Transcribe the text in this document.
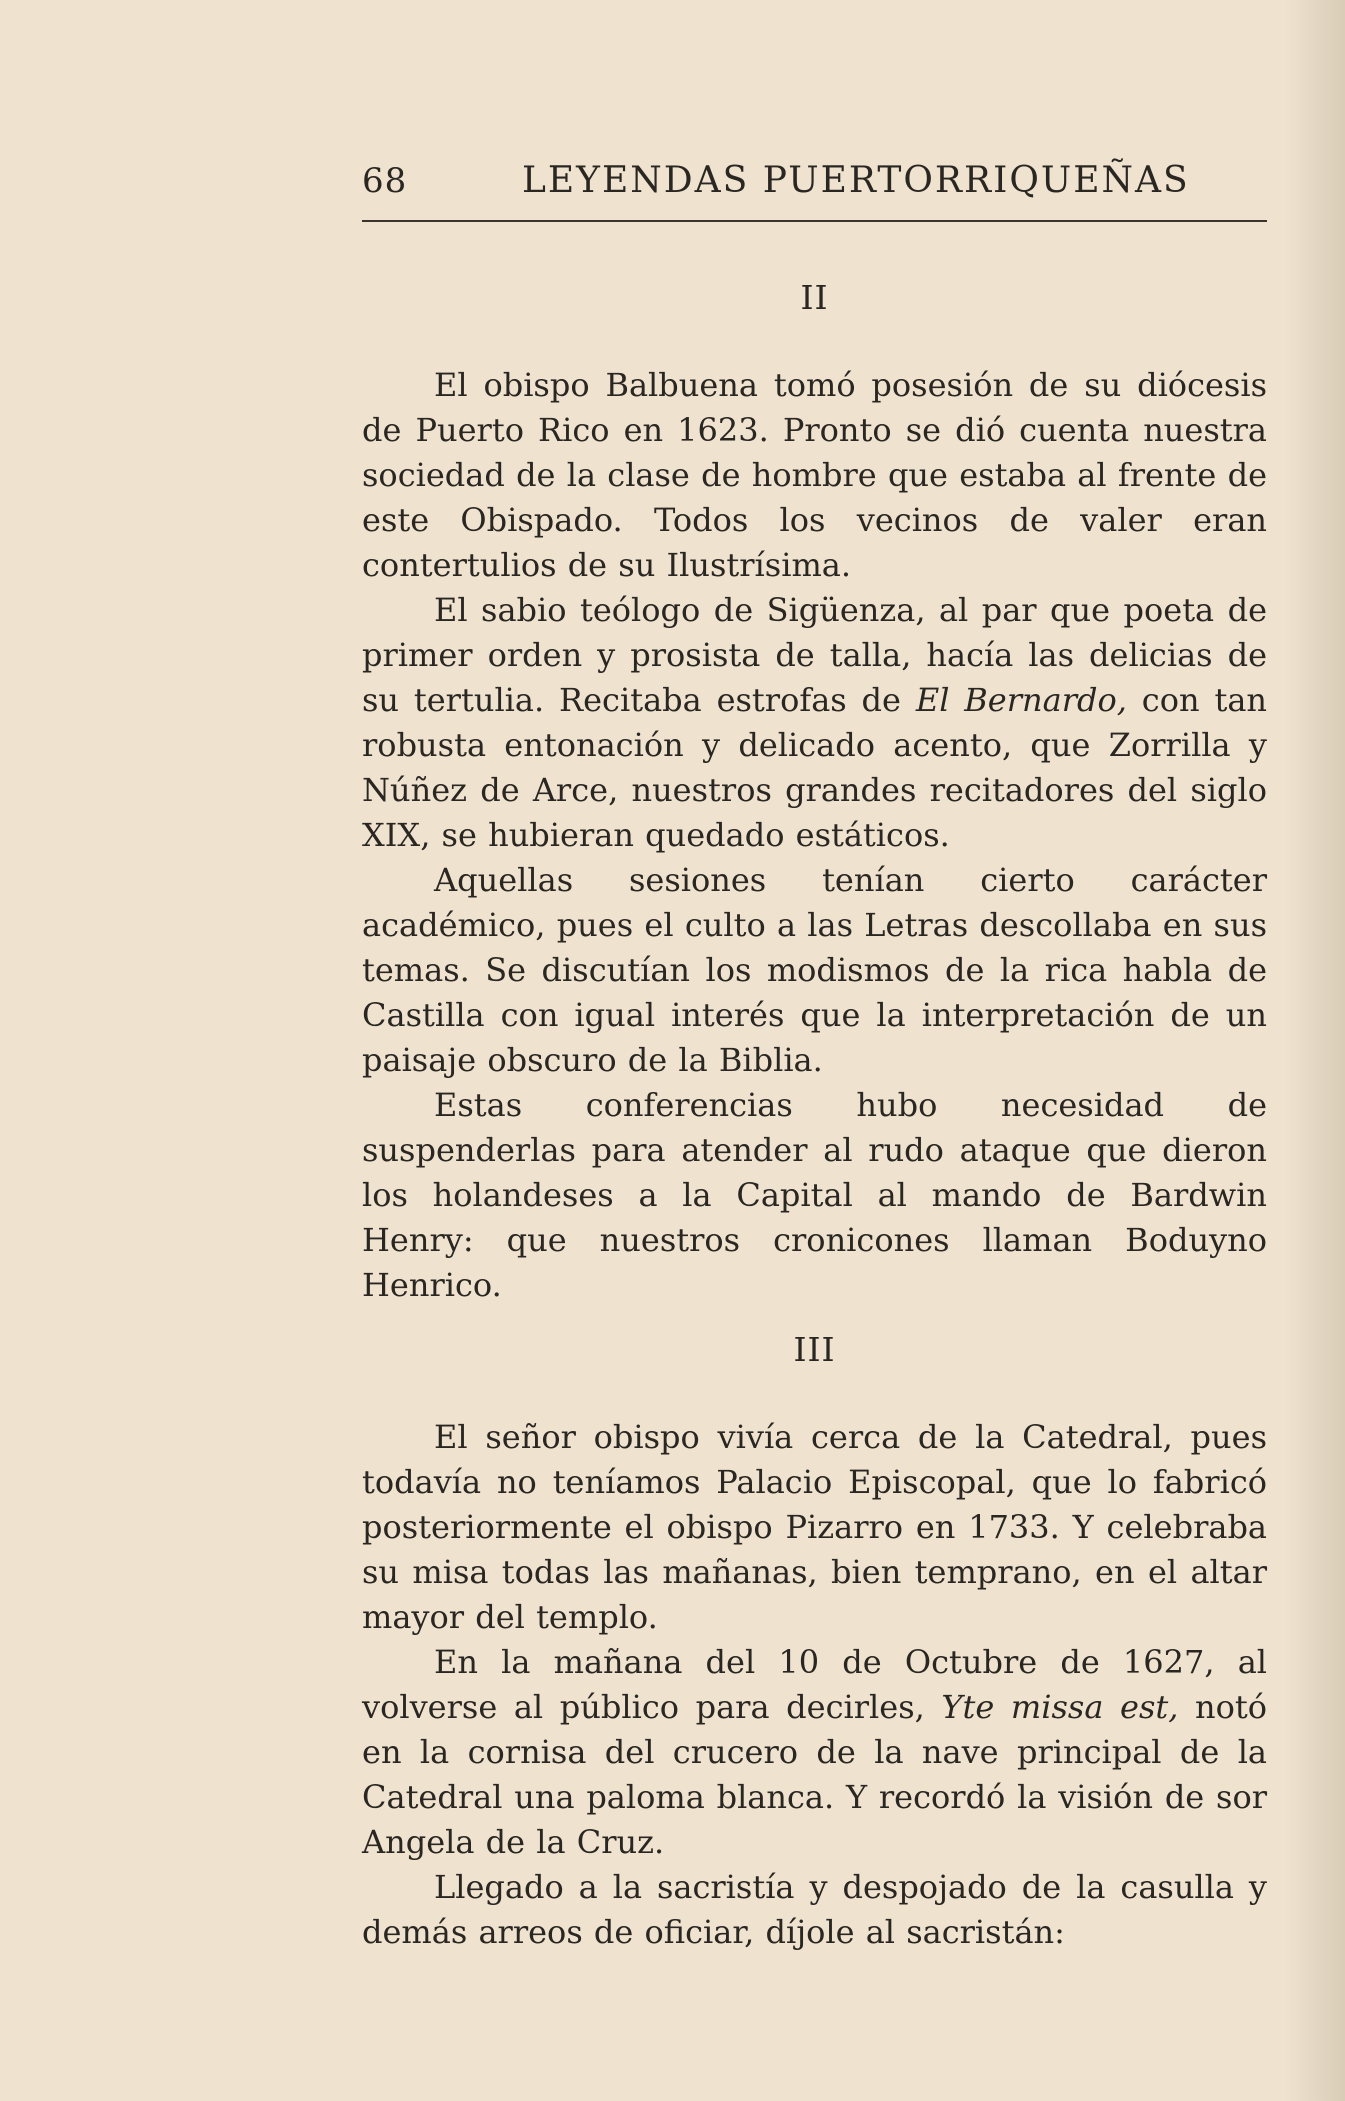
68	LEYENDAS PUERTORRIQUEÑAS
II

El obispo Balbuena tomó posesión de su diócesis de Puerto Rico en 1623. Pronto se dió cuenta nuestra sociedad de la clase de hombre que estaba al frente de este Obispado. Todos los vecinos de valer eran contertulios de su Ilustrísima.

El sabio teólogo de Sigüenza, al par que poeta de primer orden y prosista de talla, hacía las delicias de su tertulia. Recitaba estrofas de El Bernardo, con tan robusta entonación y delicado acento, que Zorrilla y Núñez de Arce, nuestros grandes recitadores del siglo XIX, se hubieran quedado estáticos.

Aquellas sesiones tenían cierto carácter académico, pues el culto a las Letras descollaba en sus temas. Se discutían los modismos de la rica habla de Castilla con igual interés que la interpretación de un paisaje obscuro de la Biblia.

Estas conferencias hubo necesidad de suspenderlas para atender al rudo ataque que dieron los holandeses a la Capital al mando de Bardwin Henry: que nuestros cronicones llaman Boduyno Henrico.

III

El señor obispo vivía cerca de la Catedral, pues todavía no teníamos Palacio Episcopal, que lo fabricó posteriormente el obispo Pizarro en 1733. Y celebraba su misa todas las mañanas, bien temprano, en el altar mayor del templo.

En la mañana del 10 de Octubre de 1627, al volverse al público para decirles, Yte missa est, notó en la cornisa del crucero de la nave principal de la Catedral una paloma blanca. Y recordó la visión de sor Angela de la Cruz.

Llegado a la sacristía y despojado de la casulla y demás arreos de oficiar, díjole al sacristán:
